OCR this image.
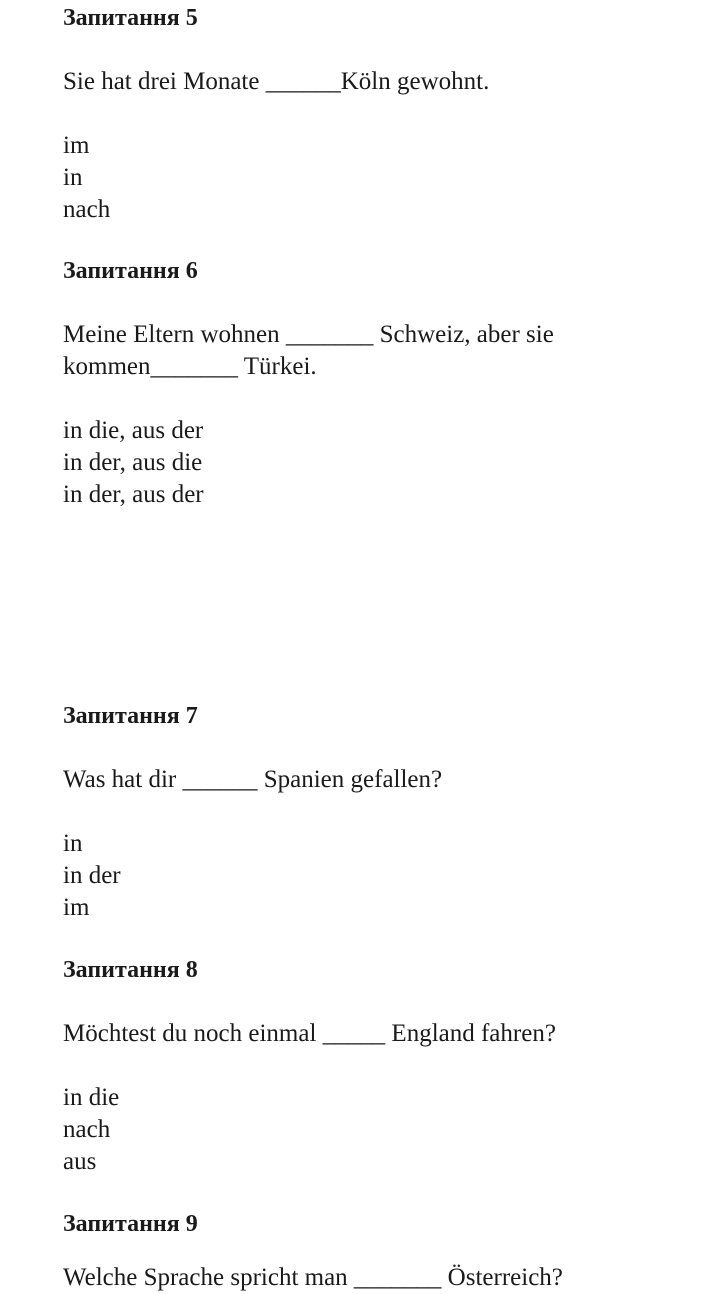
Запитання 5

Sie hat drei Monate ______Köln gewohnt.

im
in
nach

Запитання 6

Meine Eltern wohnen _______ Schweiz, aber sie
kommen_______ Türkei.

in die, aus der
in der, aus die
in der, aus der

Запитання 7

Was hat dir ______ Spanien gefallen?

in
in der
im

Запитання 8

Möchtest du noch einmal _____ England fahren?

in die
nach
aus

Запитання 9

Welche Sprache spricht man _______ Österreich?
